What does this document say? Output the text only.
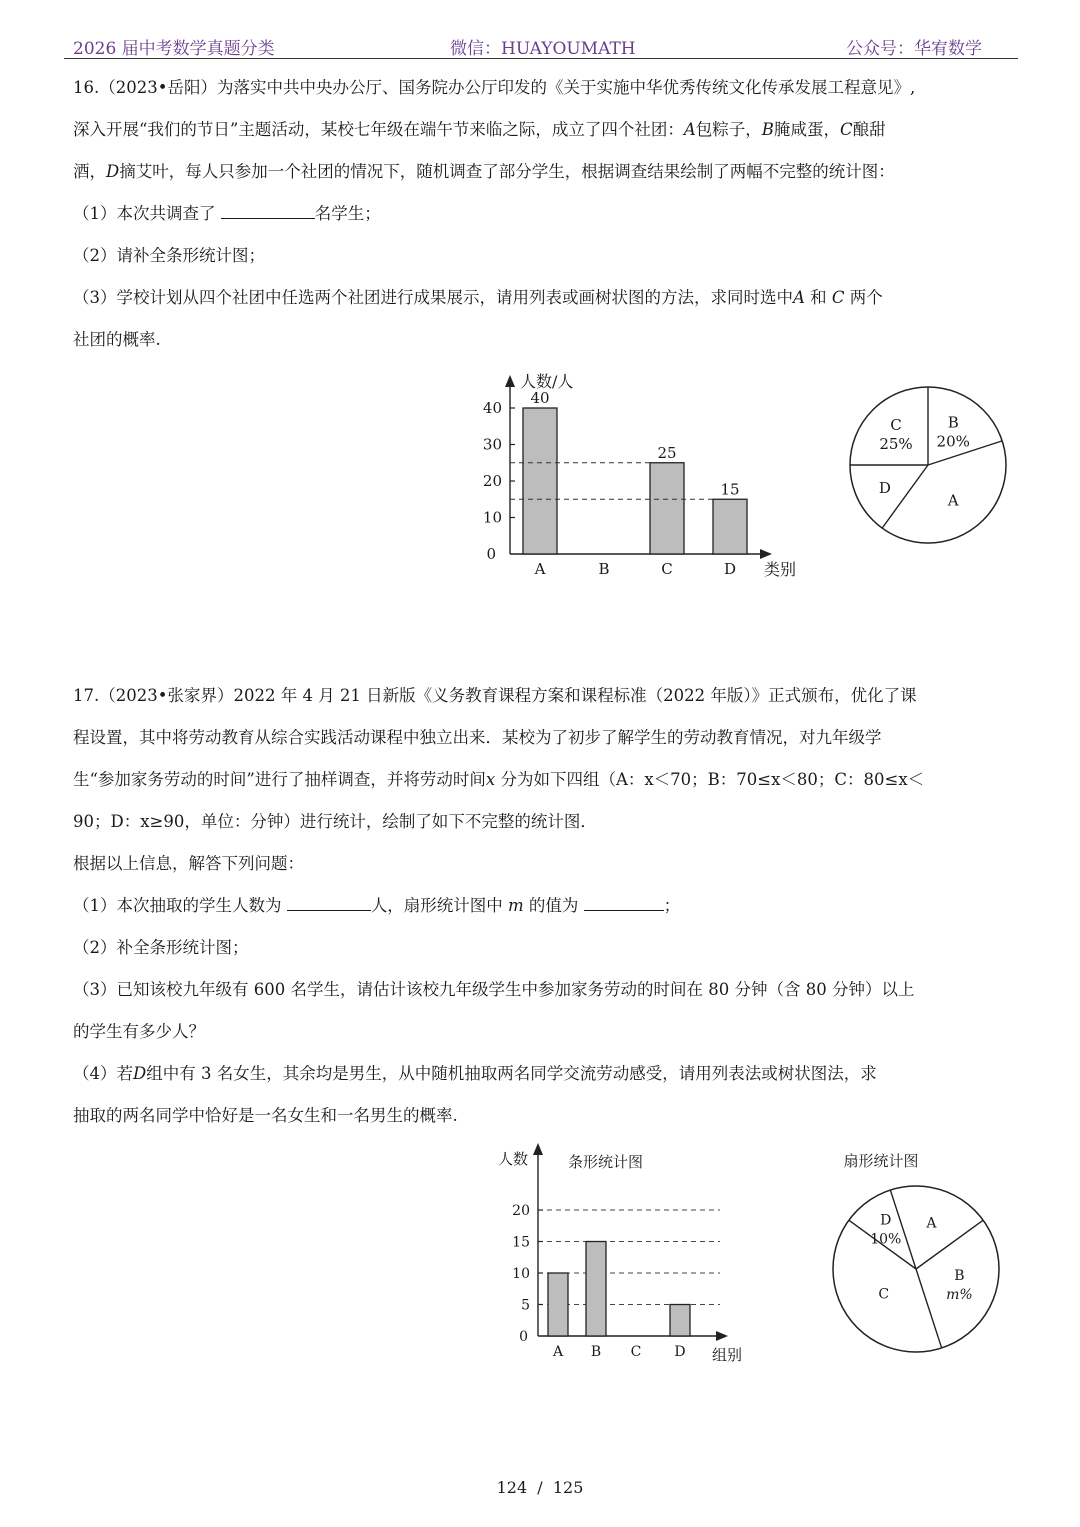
2026 届中考数学真题分类	微信：HUAYOUMATH	公众号：华宥数学
16.（2023•岳阳）为落实中共中央办公厅、国务院办公厅印发的《关于实施中华优秀传统文化传承发展工程意见》,
深入开展“我们的节日”主题活动，某校七年级在端午节来临之际，成立了四个社团：A包粽子，B腌咸蛋，C酿甜
酒，D摘艾叶，每人只参加一个社团的情况下，随机调查了部分学生，根据调查结果绘制了两幅不完整的统计图：
（1）本次共调查了	名学生；
（2）请补全条形统计图；
（3）学校计划从四个社团中任选两个社团进行成果展示，请用列表或画树状图的方法，求同时选中A 和 C 两个
社团的概率.
0
10
20
30
40
40
A	B
25
C
15
D
人数/人
类别
B
20%
A
D
C
25%
17.（2023•张家界）2022 年 4 月 21 日新版《义务教育课程方案和课程标准（2022 年版）》正式颁布，优化了课
程设置，其中将劳动教育从综合实践活动课程中独立出来．某校为了初步了解学生的劳动教育情况，对九年级学
生“参加家务劳动的时间”进行了抽样调查，并将劳动时间x 分为如下四组（A：x＜70；B：70≤x＜80；C：80≤x＜
90；D：x≥90，单位：分钟）进行统计，绘制了如下不完整的统计图．
根据以上信息，解答下列问题：
（1）本次抽取的学生人数为	人，扇形统计图中 m 的值为	；
（2）补全条形统计图；
（3）已知该校九年级有 600 名学生，请估计该校九年级学生中参加家务劳动的时间在 80 分钟（含 80 分钟）以上
的学生有多少人？
（4）若D组中有 3 名女生，其余均是男生，从中随机抽取两名同学交流劳动感受，请用列表法或树状图法，求
抽取的两名同学中恰好是一名女生和一名男生的概率.
0
5
10
15
20
A B C D
人数
组别
条形统计图
A
B
m%
C
D
10%
扇形统计图
124 / 125
